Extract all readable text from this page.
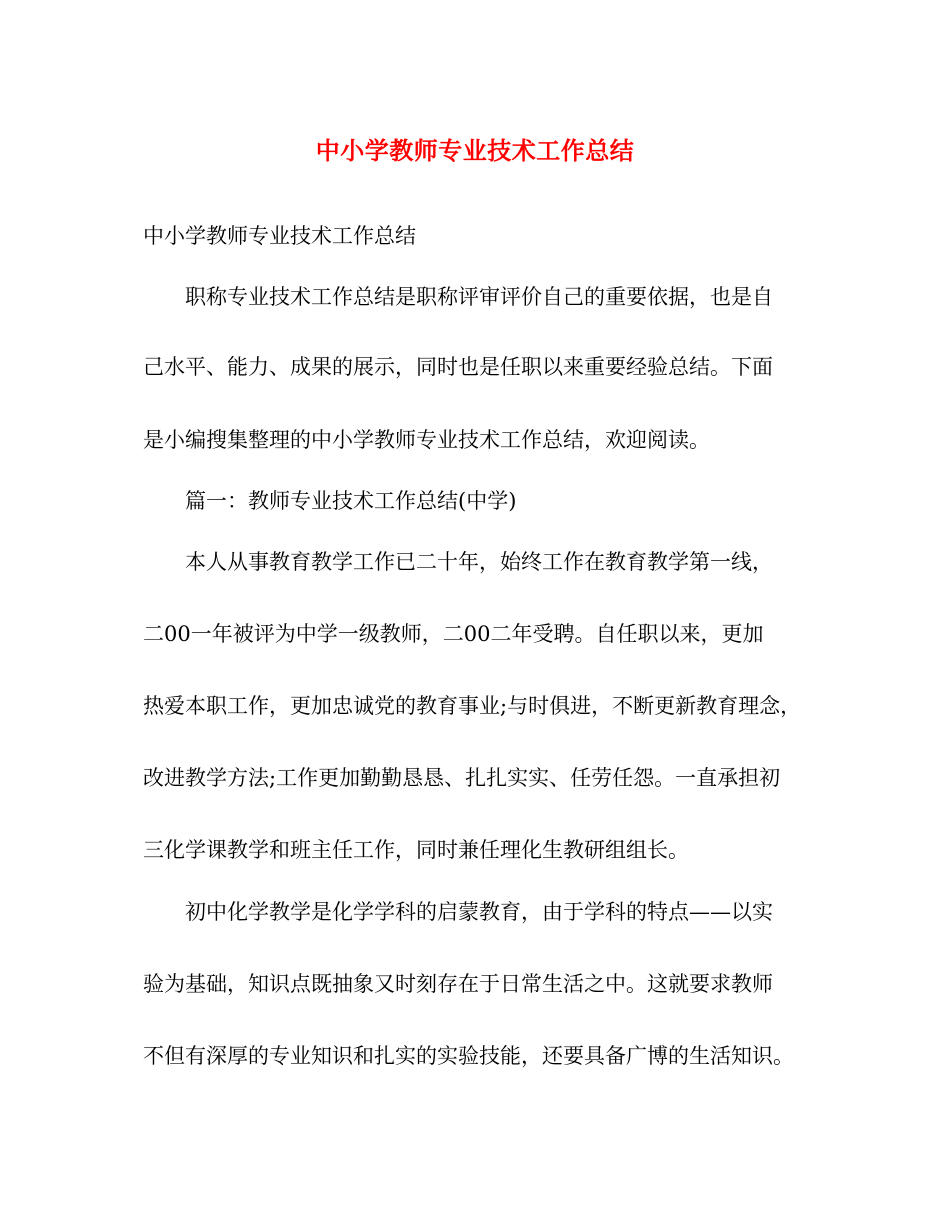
中小学教师专业技术工作总结
中小学教师专业技术工作总结
职称专业技术工作总结是职称评审评价自己的重要依据，也是自
己水平、能力、成果的展示，同时也是任职以来重要经验总结。下面
是小编搜集整理的中小学教师专业技术工作总结，欢迎阅读。
篇一：教师专业技术工作总结(中学)
本人从事教育教学工作已二十年，始终工作在教育教学第一线，
二00一年被评为中学一级教师，二00二年受聘。自任职以来，更加
热爱本职工作，更加忠诚党的教育事业;与时俱进，不断更新教育理念，
改进教学方法;工作更加勤勤恳恳、扎扎实实、任劳任怨。一直承担初
三化学课教学和班主任工作，同时兼任理化生教研组组长。
初中化学教学是化学学科的启蒙教育，由于学科的特点——以实
验为基础，知识点既抽象又时刻存在于日常生活之中。这就要求教师
不但有深厚的专业知识和扎实的实验技能，还要具备广博的生活知识。
